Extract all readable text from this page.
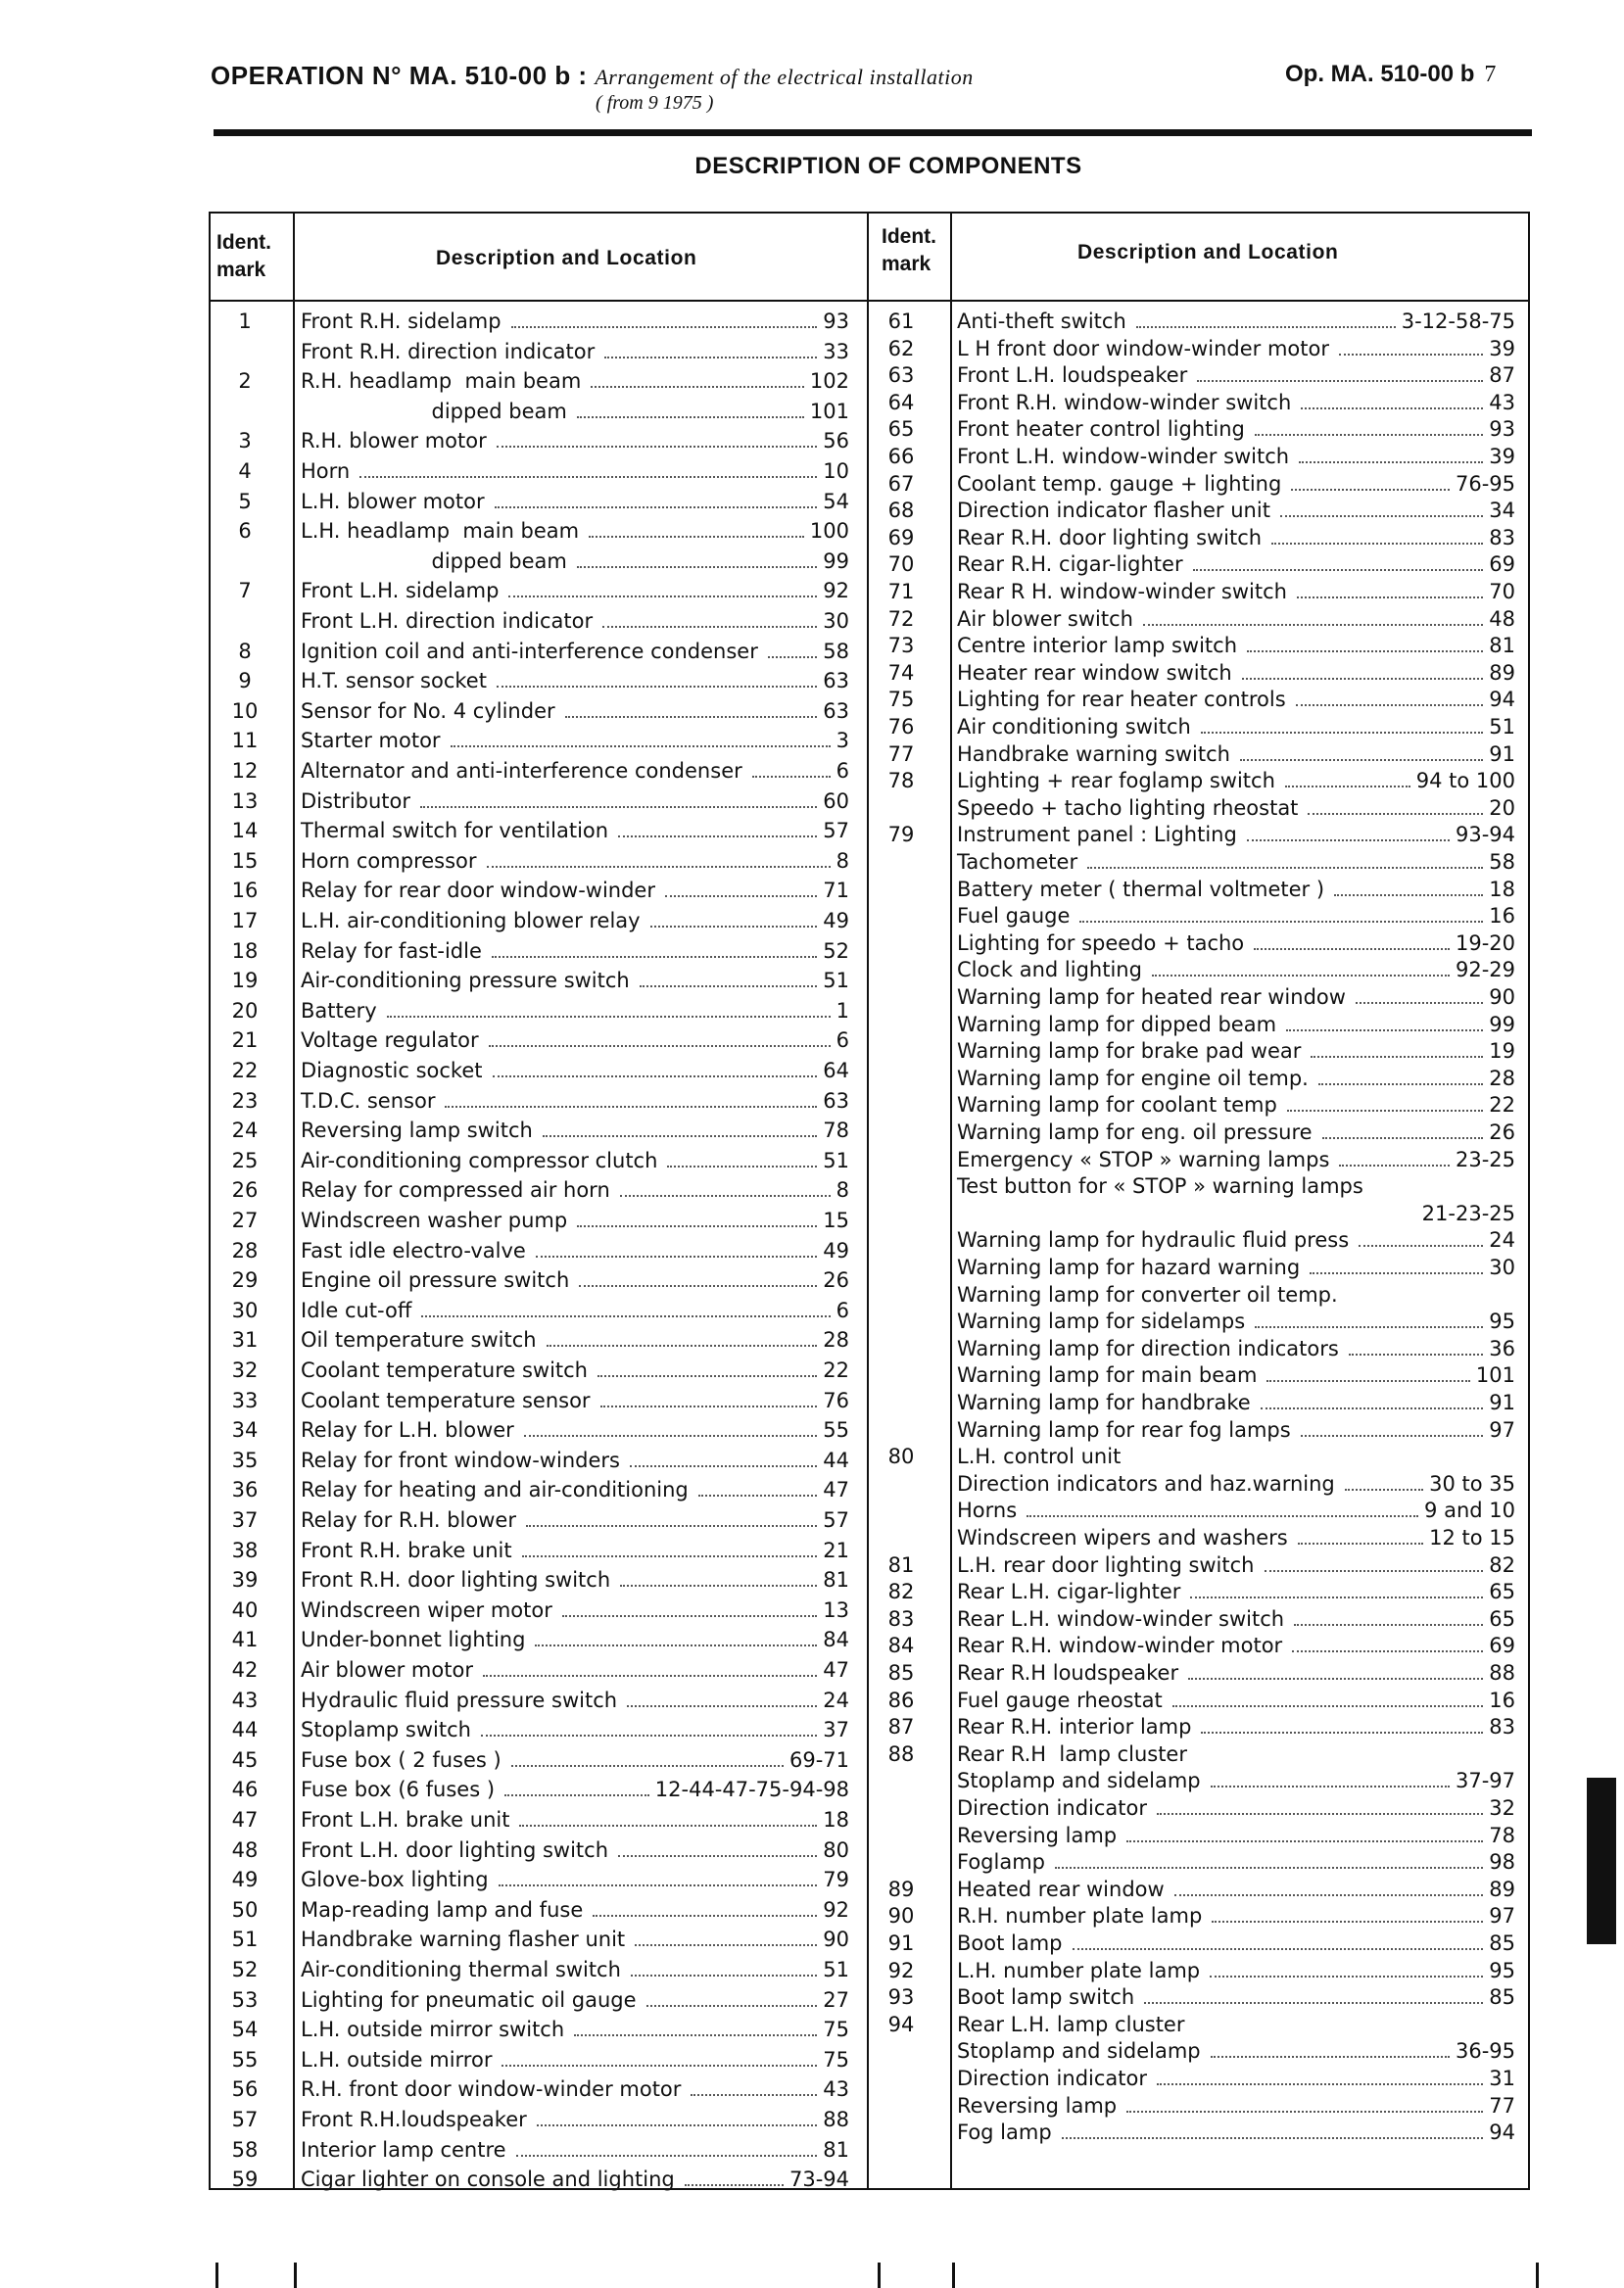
OPERATION N° MA. 510-00 b : Arrangement of the electrical installation
( from 9 1975 )
Op. MA. 510-00 b 7
DESCRIPTION OF COMPONENTS
Ident.
mark
Description and Location
Ident.
mark
Description and Location
1	Front R.H. sidelamp	93
Front R.H. direction indicator	33
2	R.H. headlamp  main beam	102
dipped beam	101
3	R.H. blower motor	56
4	Horn	10
5	L.H. blower motor	54
6	L.H. headlamp  main beam	100
dipped beam	99
7	Front L.H. sidelamp	92
Front L.H. direction indicator	30
8	Ignition coil and anti-interference condenser	58
9	H.T. sensor socket	63
10	Sensor for No. 4 cylinder	63
11	Starter motor	3
12	Alternator and anti-interference condenser	6
13	Distributor	60
14	Thermal switch for ventilation	57
15	Horn compressor	8
16	Relay for rear door window-winder	71
17	L.H. air-conditioning blower relay	49
18	Relay for fast-idle	52
19	Air-conditioning pressure switch	51
20	Battery	1
21	Voltage regulator	6
22	Diagnostic socket	64
23	T.D.C. sensor	63
24	Reversing lamp switch	78
25	Air-conditioning compressor clutch	51
26	Relay for compressed air horn	8
27	Windscreen washer pump	15
28	Fast idle electro-valve	49
29	Engine oil pressure switch	26
30	Idle cut-off	6
31	Oil temperature switch	28
32	Coolant temperature switch	22
33	Coolant temperature sensor	76
34	Relay for L.H. blower	55
35	Relay for front window-winders	44
36	Relay for heating and air-conditioning	47
37	Relay for R.H. blower	57
38	Front R.H. brake unit	21
39	Front R.H. door lighting switch	81
40	Windscreen wiper motor	13
41	Under-bonnet lighting	84
42	Air blower motor	47
43	Hydraulic fluid pressure switch	24
44	Stoplamp switch	37
45	Fuse box ( 2 fuses )	69-71
46	Fuse box (6 fuses )	12-44-47-75-94-98
47	Front L.H. brake unit	18
48	Front L.H. door lighting switch	80
49	Glove-box lighting	79
50	Map-reading lamp and fuse	92
51	Handbrake warning flasher unit	90
52	Air-conditioning thermal switch	51
53	Lighting for pneumatic oil gauge	27
54	L.H. outside mirror switch	75
55	L.H. outside mirror	75
56	R.H. front door window-winder motor	43
57	Front R.H.loudspeaker	88
58	Interior lamp centre	81
59	Cigar lighter on console and lighting	73-94
61	Anti-theft switch	3-12-58-75
62	L H front door window-winder motor	39
63	Front L.H. loudspeaker	87
64	Front R.H. window-winder switch	43
65	Front heater control lighting	93
66	Front L.H. window-winder switch	39
67	Coolant temp. gauge + lighting	76-95
68	Direction indicator flasher unit	34
69	Rear R.H. door lighting switch	83
70	Rear R.H. cigar-lighter	69
71	Rear R H. window-winder switch	70
72	Air blower switch	48
73	Centre interior lamp switch	81
74	Heater rear window switch	89
75	Lighting for rear heater controls	94
76	Air conditioning switch	51
77	Handbrake warning switch	91
78	Lighting + rear foglamp switch	94 to 100
Speedo + tacho lighting rheostat	20
79	Instrument panel : Lighting	93-94
Tachometer	58
Battery meter ( thermal voltmeter )	18
Fuel gauge	16
Lighting for speedo + tacho	19-20
Clock and lighting	92-29
Warning lamp for heated rear window	90
Warning lamp for dipped beam	99
Warning lamp for brake pad wear	19
Warning lamp for engine oil temp.	28
Warning lamp for coolant temp	22
Warning lamp for eng. oil pressure	26
Emergency « STOP » warning lamps	23-25
Test button for « STOP » warning lamps
21-23-25
Warning lamp for hydraulic fluid press	24
Warning lamp for hazard warning	30
Warning lamp for converter oil temp.
Warning lamp for sidelamps	95
Warning lamp for direction indicators	36
Warning lamp for main beam	101
Warning lamp for handbrake	91
Warning lamp for rear fog lamps	97
80	L.H. control unit
Direction indicators and haz.warning	30 to 35
Horns	9 and 10
Windscreen wipers and washers	12 to 15
81	L.H. rear door lighting switch	82
82	Rear L.H. cigar-lighter	65
83	Rear L.H. window-winder switch	65
84	Rear R.H. window-winder motor	69
85	Rear R.H loudspeaker	88
86	Fuel gauge rheostat	16
87	Rear R.H. interior lamp	83
88	Rear R.H  lamp cluster
Stoplamp and sidelamp	37-97
Direction indicator	32
Reversing lamp	78
Foglamp	98
89	Heated rear window	89
90	R.H. number plate lamp	97
91	Boot lamp	85
92	L.H. number plate lamp	95
93	Boot lamp switch	85
94	Rear L.H. lamp cluster
Stoplamp and sidelamp	36-95
Direction indicator	31
Reversing lamp	77
Fog lamp	94
